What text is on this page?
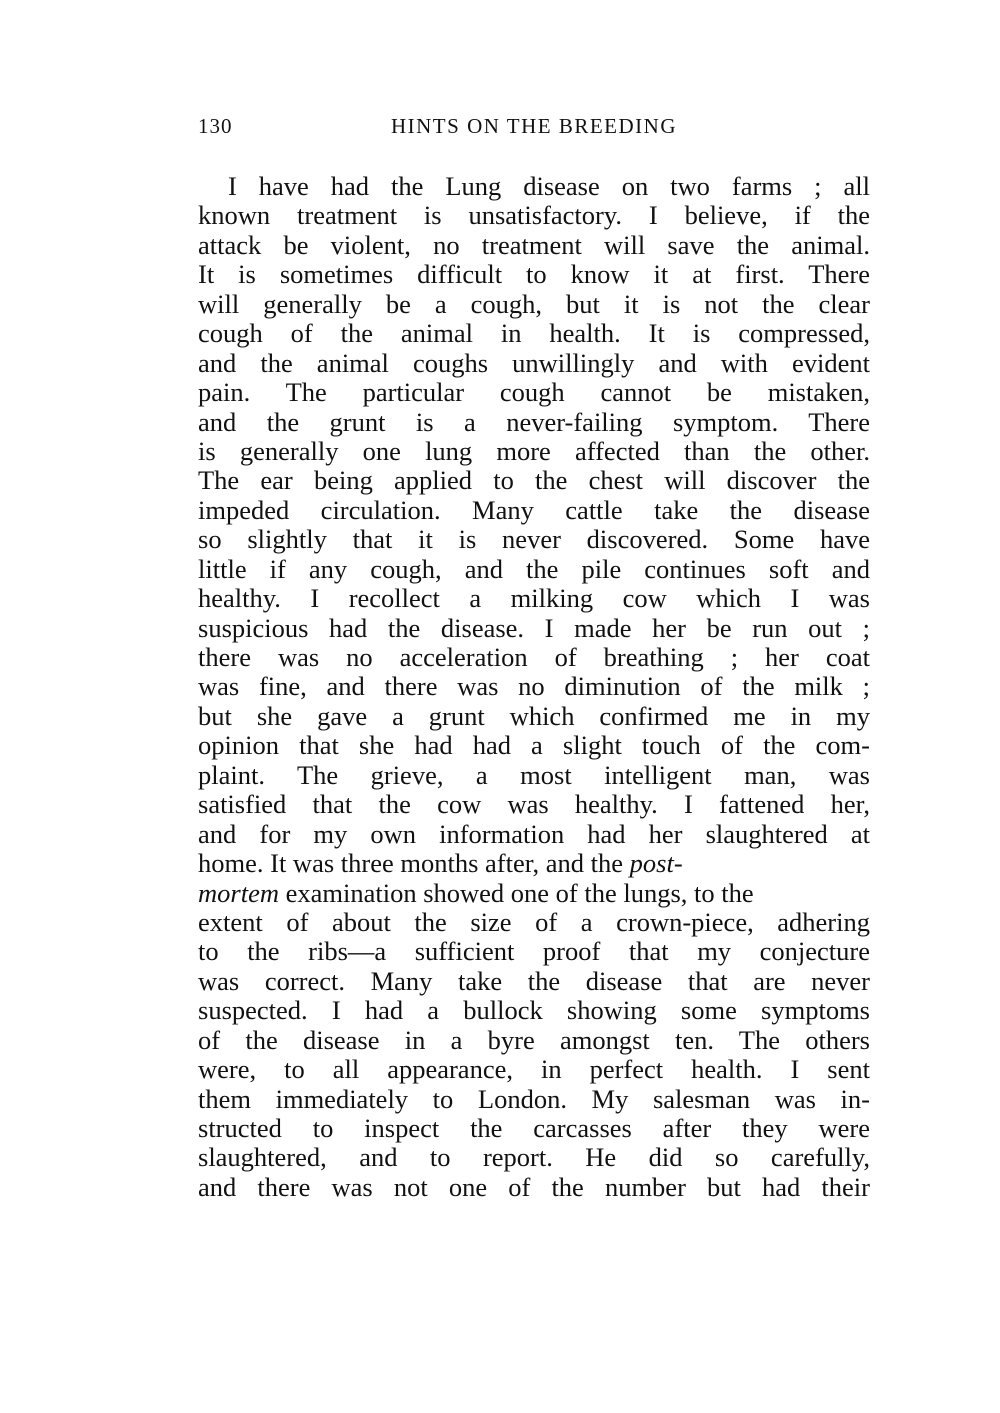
130	HINTS ON THE BREEDING
I have had the Lung disease on two farms ; all
known treatment is unsatisfactory. I believe, if the
attack be violent, no treatment will save the animal.
It is sometimes difficult to know it at first. There
will generally be a cough, but it is not the clear
cough of the animal in health. It is compressed,
and the animal coughs unwillingly and with evident
pain. The particular cough cannot be mistaken,
and the grunt is a never-failing symptom. There
is generally one lung more affected than the other.
The ear being applied to the chest will discover the
impeded circulation. Many cattle take the disease
so slightly that it is never discovered. Some have
little if any cough, and the pile continues soft and
healthy. I recollect a milking cow which I was
suspicious had the disease. I made her be run out ;
there was no acceleration of breathing ; her coat
was fine, and there was no diminution of the milk ;
but she gave a grunt which confirmed me in my
opinion that she had had a slight touch of the com-
plaint. The grieve, a most intelligent man, was
satisfied that the cow was healthy. I fattened her,
and for my own information had her slaughtered at
home. It was three months after, and the post-
mortem examination showed one of the lungs, to the
extent of about the size of a crown-piece, adhering
to the ribs—a sufficient proof that my conjecture
was correct. Many take the disease that are never
suspected. I had a bullock showing some symptoms
of the disease in a byre amongst ten. The others
were, to all appearance, in perfect health. I sent
them immediately to London. My salesman was in-
structed to inspect the carcasses after they were
slaughtered, and to report. He did so carefully,
and there was not one of the number but had their
